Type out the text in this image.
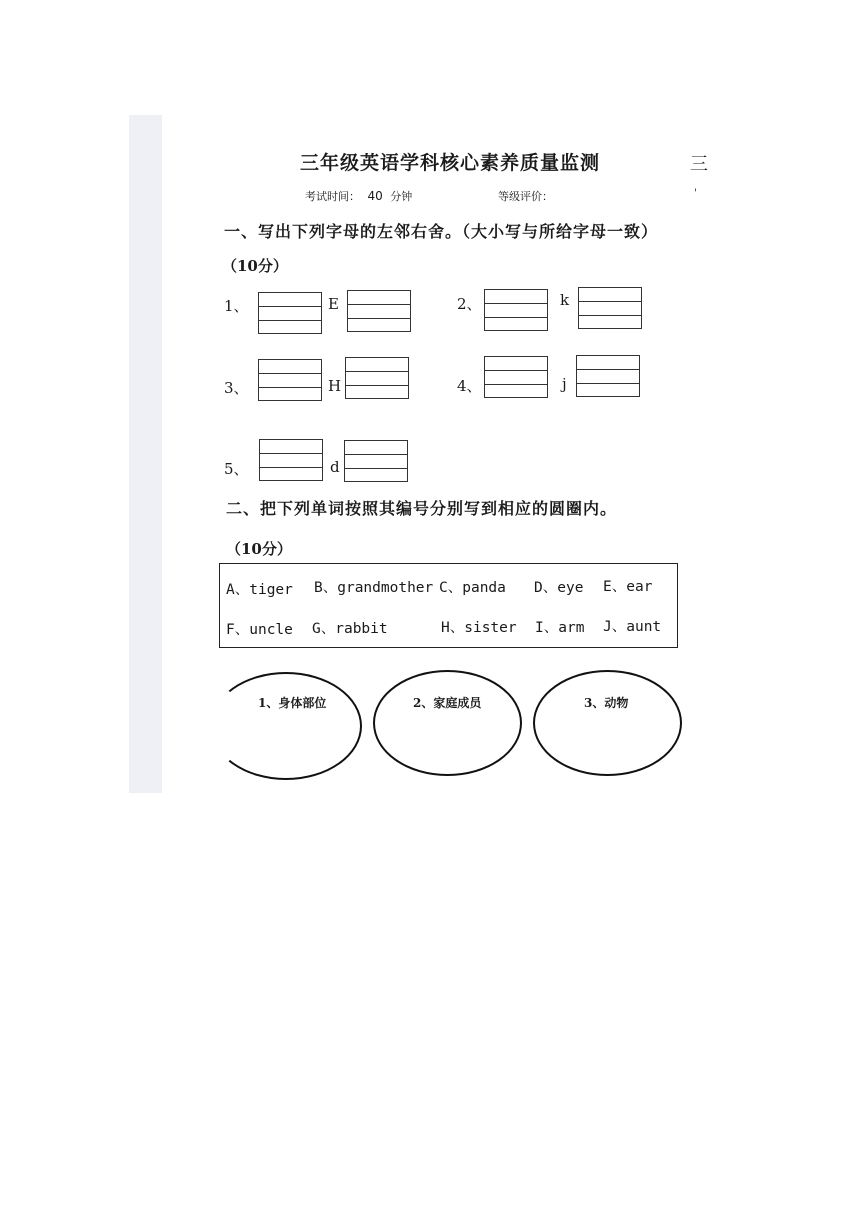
三年级英语学科核心素养质量监测	三
'
考试时间： 40 分钟	等级评价：
一、写出下列字母的左邻右舍。（大小写与所给字母一致）
（10分）
1、	E	2、	k
3、	H	4、	j
5、	d
二、把下列单词按照其编号分别写到相应的圆圈内。
（10分）
A、tiger B、grandmother C、panda D、eye E、ear
F、uncle G、rabbit	H、sister I、arm J、aunt
1、身体部位	2、家庭成员	3、动物
